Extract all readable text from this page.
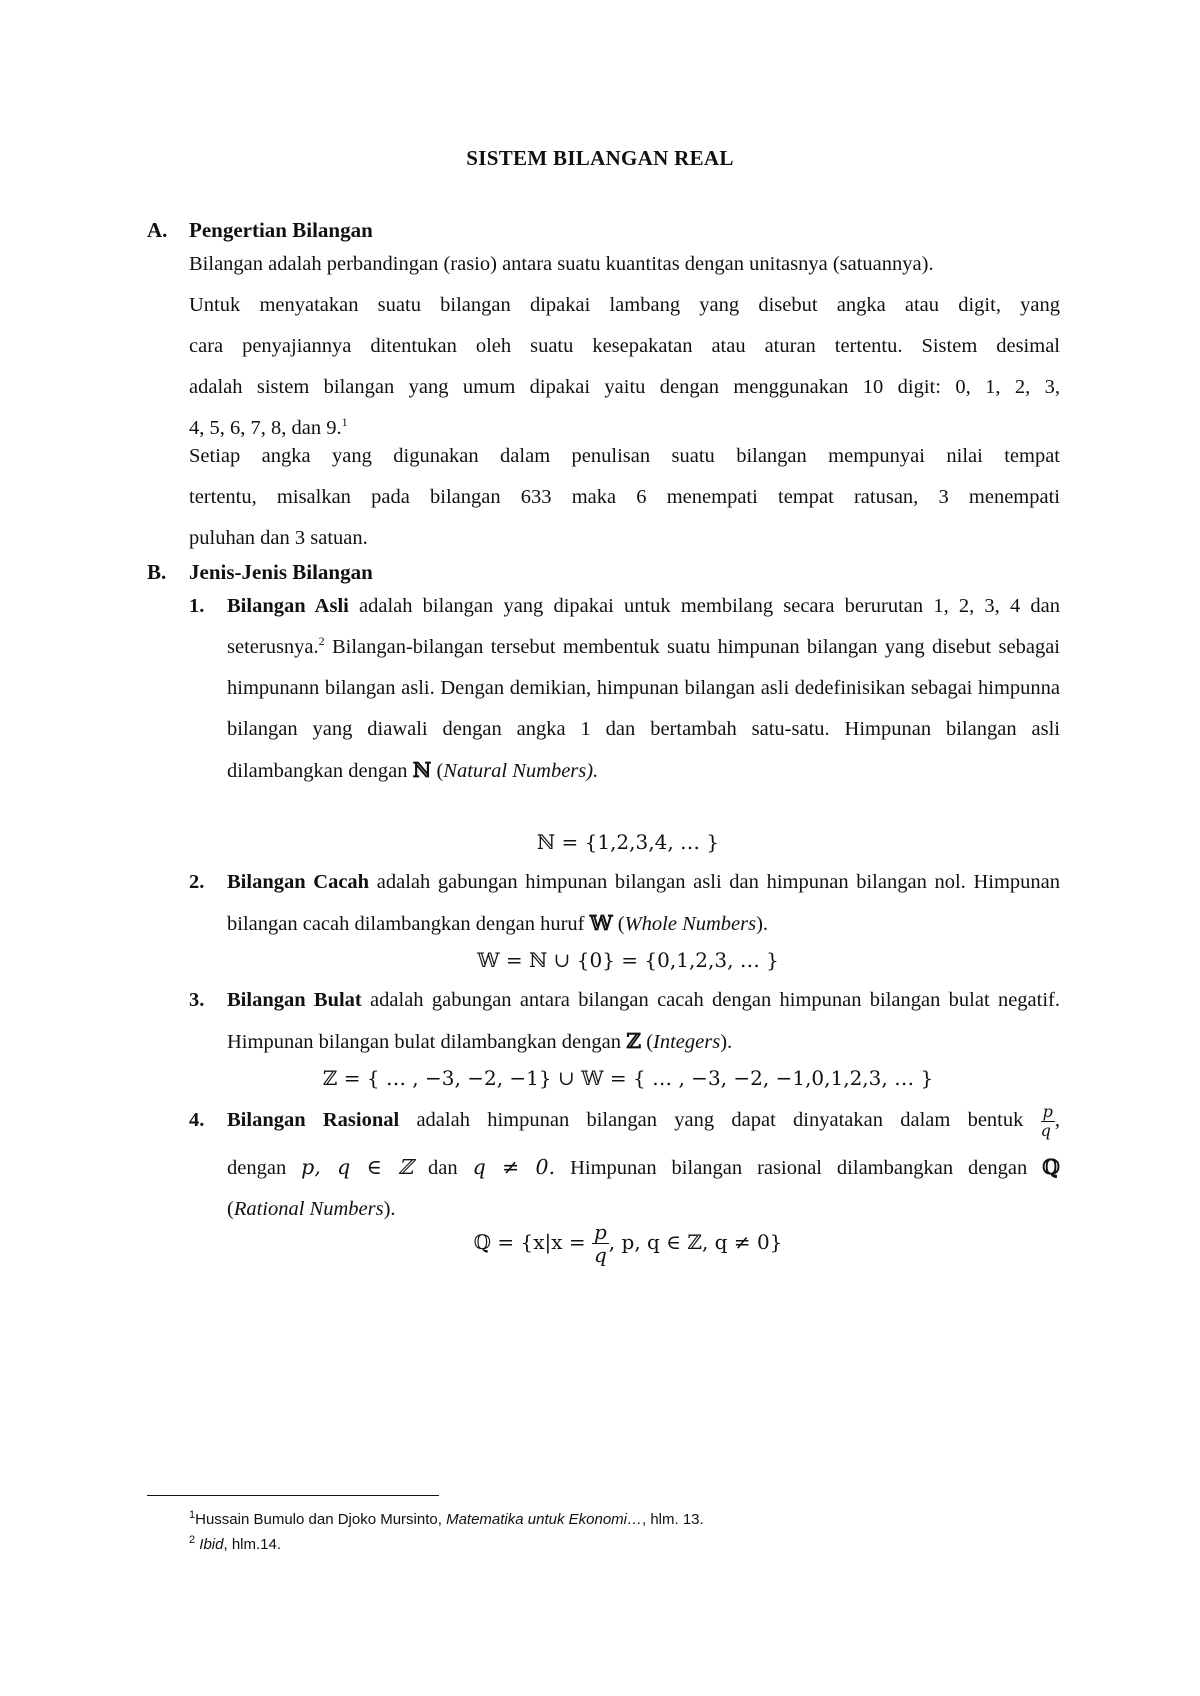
SISTEM BILANGAN REAL
A. Pengertian Bilangan
Bilangan adalah perbandingan (rasio) antara suatu kuantitas dengan unitasnya (satuannya).
Untuk menyatakan suatu bilangan dipakai lambang yang disebut angka atau digit, yang
cara penyajiannya ditentukan oleh suatu kesepakatan atau aturan tertentu. Sistem desimal
adalah sistem bilangan yang umum dipakai yaitu dengan menggunakan 10 digit: 0, 1, 2, 3,
4, 5, 6, 7, 8, dan 9.$^1$
Setiap angka yang digunakan dalam penulisan suatu bilangan mempunyai nilai tempat
tertentu, misalkan pada bilangan 633 maka 6 menempati tempat ratusan, 3 menempati
puluhan dan 3 satuan.
B. Jenis-Jenis Bilangan
1. Bilangan Asli adalah bilangan yang dipakai untuk membilang secara berurutan 1, 2, 3, 4 dan seterusnya.$^2$ Bilangan-bilangan tersebut membentuk suatu himpunan bilangan yang disebut sebagai himpunann bilangan asli. Dengan demikian, himpunan bilangan asli dedefinisikan sebagai himpunna bilangan yang diawali dengan angka 1 dan bertambah satu-satu. Himpunan bilangan asli dilambangkan dengan ℕ (Natural Numbers).
ℕ = {1,2,3,4, … }
2. Bilangan Cacah adalah gabungan himpunan bilangan asli dan himpunan bilangan nol. Himpunan bilangan cacah dilambangkan dengan huruf 𝕎 (Whole Numbers).
𝕎 = ℕ ∪ {0} = {0,1,2,3, … }
3. Bilangan Bulat adalah gabungan antara bilangan cacah dengan himpunan bilangan bulat negatif. Himpunan bilangan bulat dilambangkan dengan ℤ (Integers).
ℤ = { … , −3, −2, −1} ∪ 𝕎 = { … , −3, −2, −1,0,1,2,3, … }
4. Bilangan Rasional adalah himpunan bilangan yang dapat dinyatakan dalam bentuk $\frac{p}{q}$ ,
dengan p, q ∈ ℤ dan q ≠ 0. Himpunan bilangan rasional dilambangkan dengan ℚ
(Rational Numbers).
ℚ = {$x|x = \frac{p}{q}$ , p, q ∈ ℤ, q ≠ 0}
$^1$Hussain Bumulo dan Djoko Mursinto, Matematika untuk Ekonomi…, hlm. 13.
$^2$ Ibid, hlm.14.
